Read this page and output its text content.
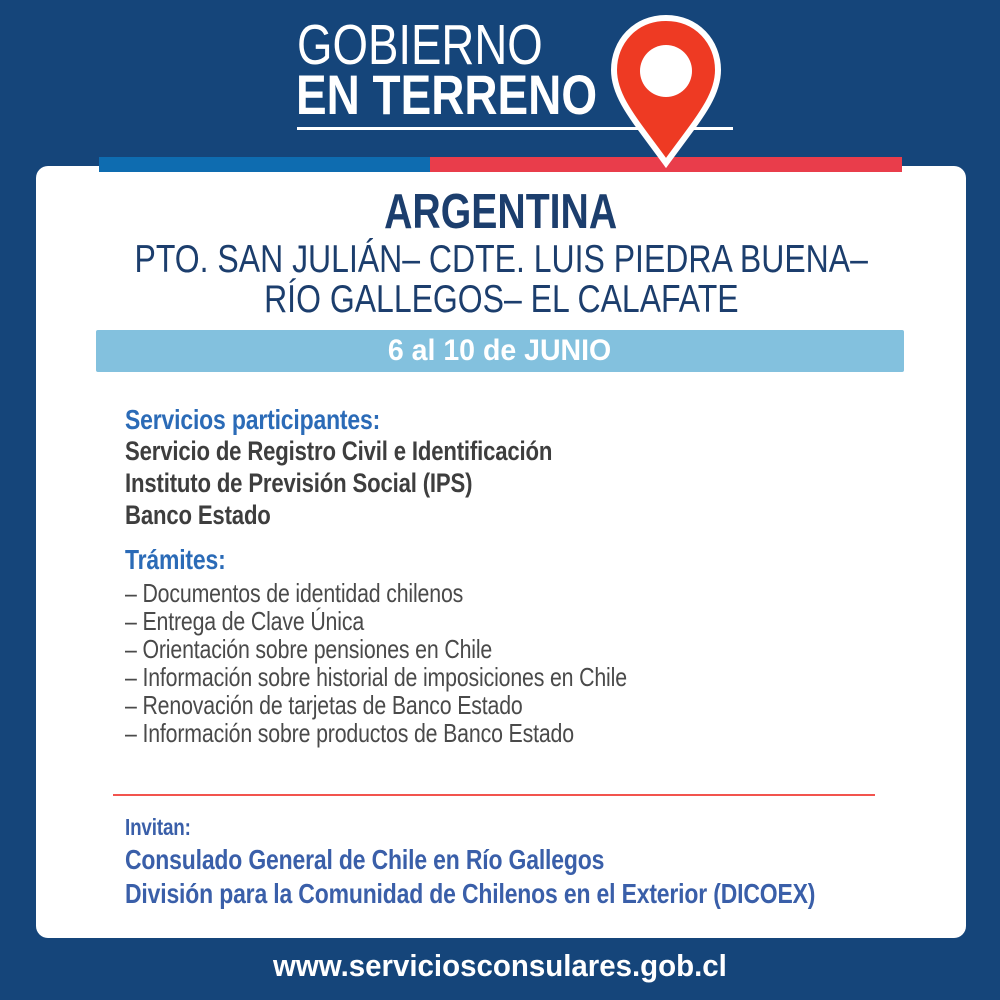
GOBIERNO
EN TERRENO
ARGENTINA
PTO. SAN JULIÁN– CDTE. LUIS PIEDRA BUENA–
RÍO GALLEGOS– EL CALAFATE
6 al 10 de JUNIO
Servicios participantes:
Servicio de Registro Civil e Identificación
Instituto de Previsión Social (IPS)
Banco Estado
Trámites:
– Documentos de identidad chilenos
– Entrega de Clave Única
– Orientación sobre pensiones en Chile
– Información sobre historial de imposiciones en Chile
– Renovación de tarjetas de Banco Estado
– Información sobre productos de Banco Estado
Invitan:
Consulado General de Chile en Río Gallegos
División para la Comunidad de Chilenos en el Exterior (DICOEX)
www.serviciosconsulares.gob.cl
